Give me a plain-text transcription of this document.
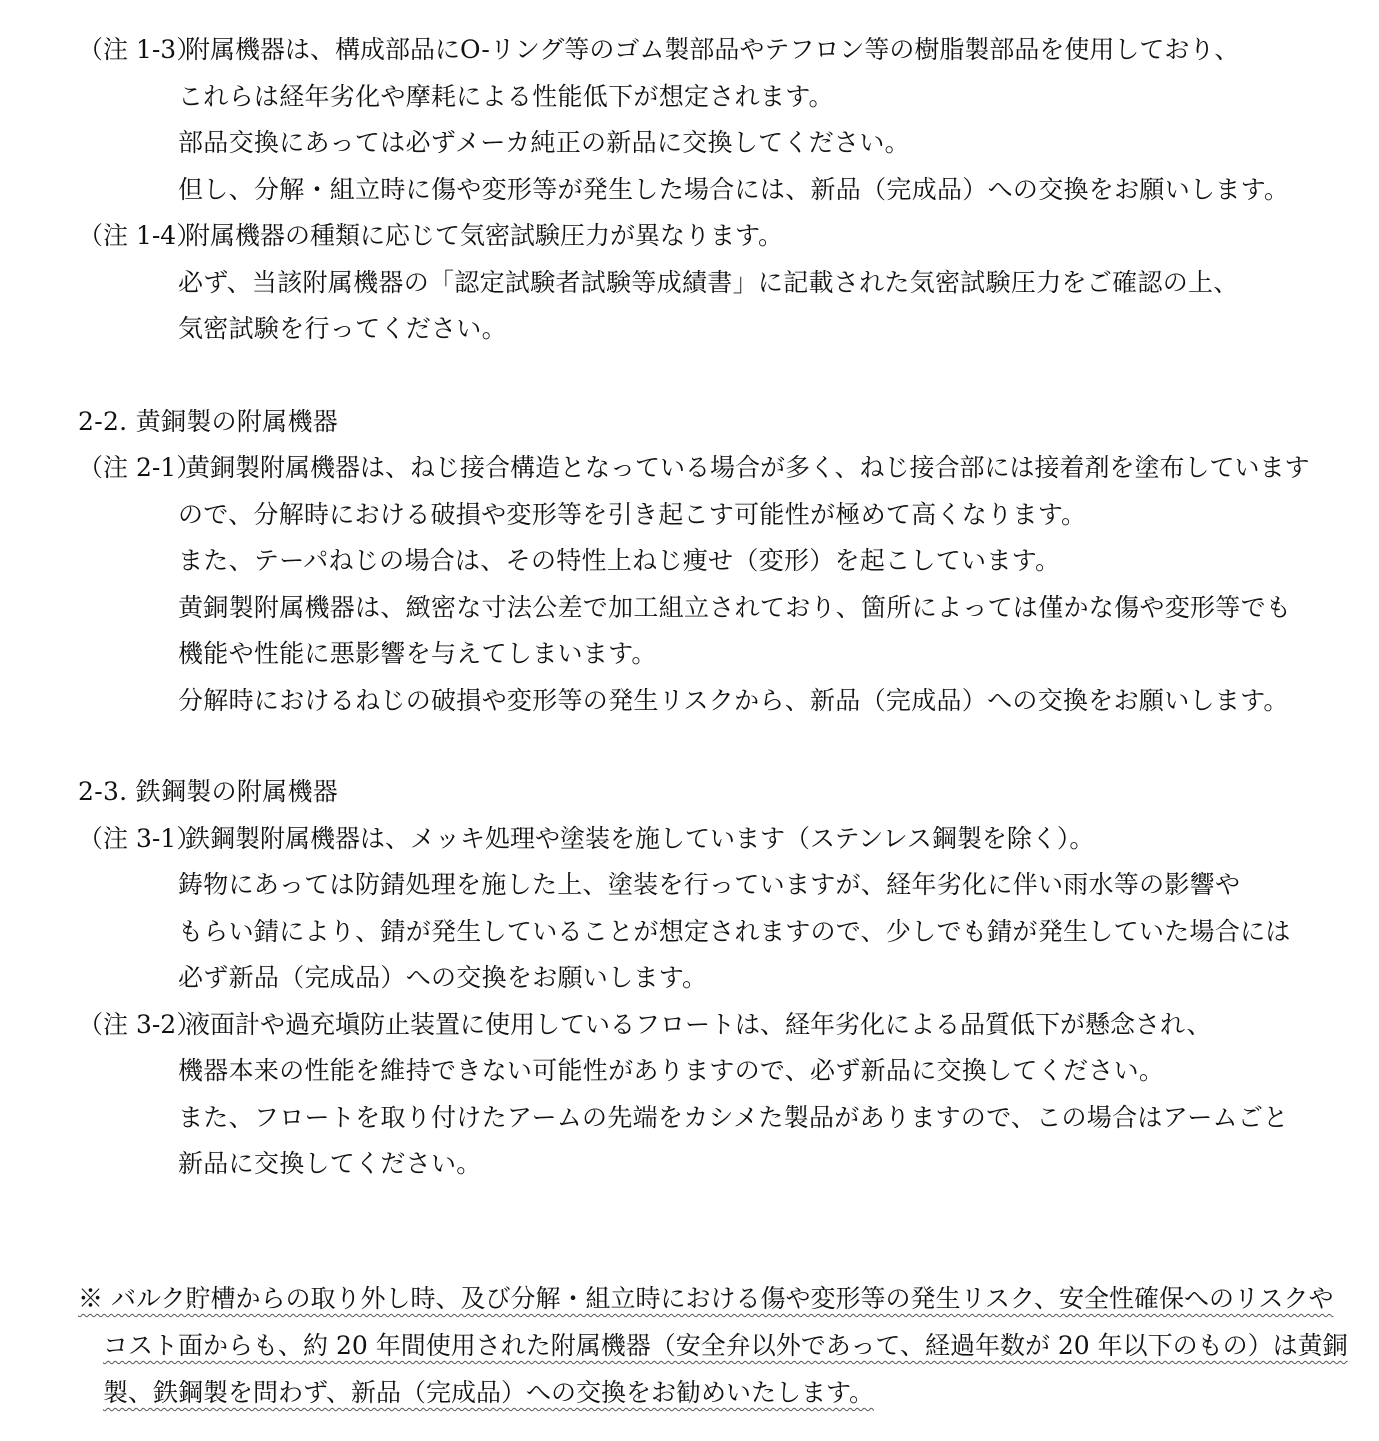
（注 1-3）
附属機器は、構成部品にO-リング等のゴム製部品やテフロン等の樹脂製部品を使用しており、
これらは経年劣化や摩耗による性能低下が想定されます。
部品交換にあっては必ずメーカ純正の新品に交換してください。
但し、分解・組立時に傷や変形等が発生した場合には、新品（完成品）への交換をお願いします。
（注 1-4）
附属機器の種類に応じて気密試験圧力が異なります。
必ず、当該附属機器の「認定試験者試験等成績書」に記載された気密試験圧力をご確認の上、
気密試験を行ってください。
2-2. 黄銅製の附属機器
（注 2-1）
黄銅製附属機器は、ねじ接合構造となっている場合が多く、ねじ接合部には接着剤を塗布しています
ので、分解時における破損や変形等を引き起こす可能性が極めて高くなります。
また、テーパねじの場合は、その特性上ねじ痩せ（変形）を起こしています。
黄銅製附属機器は、緻密な寸法公差で加工組立されており、箇所によっては僅かな傷や変形等でも
機能や性能に悪影響を与えてしまいます。
分解時におけるねじの破損や変形等の発生リスクから、新品（完成品）への交換をお願いします。
2-3. 鉄鋼製の附属機器
（注 3-1）
鉄鋼製附属機器は、メッキ処理や塗装を施しています（ステンレス鋼製を除く）。
鋳物にあっては防錆処理を施した上、塗装を行っていますが、経年劣化に伴い雨水等の影響や
もらい錆により、錆が発生していることが想定されますので、少しでも錆が発生していた場合には
必ず新品（完成品）への交換をお願いします。
（注 3-2）
液面計や過充塡防止装置に使用しているフロートは、経年劣化による品質低下が懸念され、
機器本来の性能を維持できない可能性がありますので、必ず新品に交換してください。
また、フロートを取り付けたアームの先端をカシメた製品がありますので、この場合はアームごと
新品に交換してください。
※ バルク貯槽からの取り外し時、及び分解・組立時における傷や変形等の発生リスク、安全性確保へのリスクや
コスト面からも、約 20 年間使用された附属機器（安全弁以外であって、経過年数が 20 年以下のもの）は黄銅
製、鉄鋼製を問わず、新品（完成品）への交換をお勧めいたします。
